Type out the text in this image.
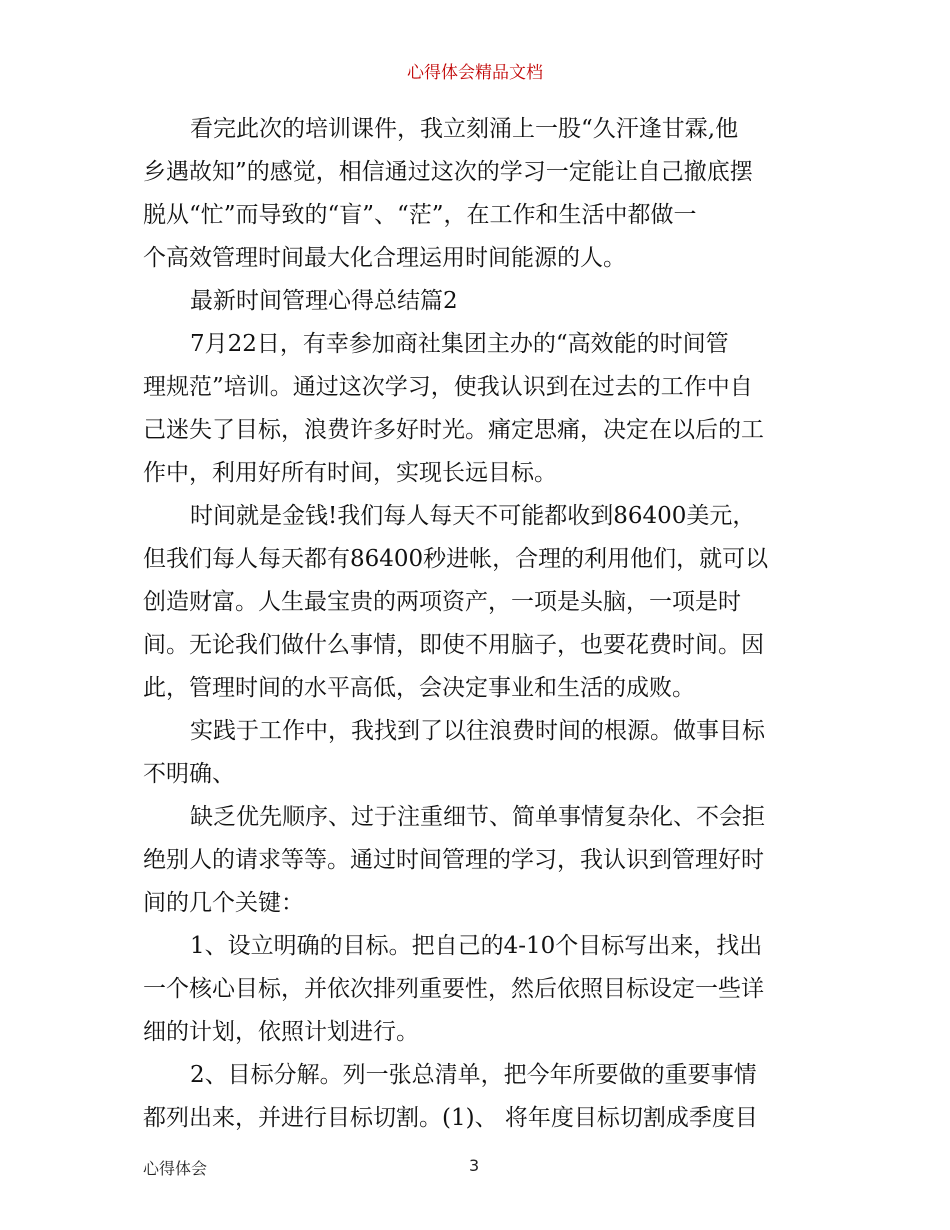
心得体会精品文档

看完此次的培训课件，我立刻涌上一股“久汗逢甘霖,他

乡遇故知”的感觉，相信通过这次的学习一定能让自己撤底摆

脱从“忙”而导致的“盲”、“茫”，在工作和生活中都做一

个高效管理时间最大化合理运用时间能源的人。

最新时间管理心得总结篇2

7月22日，有幸参加商社集团主办的“高效能的时间管

理规范”培训。通过这次学习，使我认识到在过去的工作中自

己迷失了目标，浪费许多好时光。痛定思痛，决定在以后的工

作中，利用好所有时间，实现长远目标。

时间就是金钱!我们每人每天不可能都收到86400美元，

但我们每人每天都有86400秒进帐，合理的利用他们，就可以

创造财富。人生最宝贵的两项资产，一项是头脑，一项是时

间。无论我们做什么事情，即使不用脑子，也要花费时间。因

此，管理时间的水平高低，会决定事业和生活的成败。

实践于工作中，我找到了以往浪费时间的根源。做事目标

不明确、

缺乏优先顺序、过于注重细节、简单事情复杂化、不会拒

绝别人的请求等等。通过时间管理的学习，我认识到管理好时

间的几个关键：

1、设立明确的目标。把自己的4-10个目标写出来，找出

一个核心目标，并依次排列重要性，然后依照目标设定一些详

细的计划，依照计划进行。

2、目标分解。列一张总清单，把今年所要做的重要事情

都列出来，并进行目标切割。(1)、 将年度目标切割成季度目

心得体会	3
